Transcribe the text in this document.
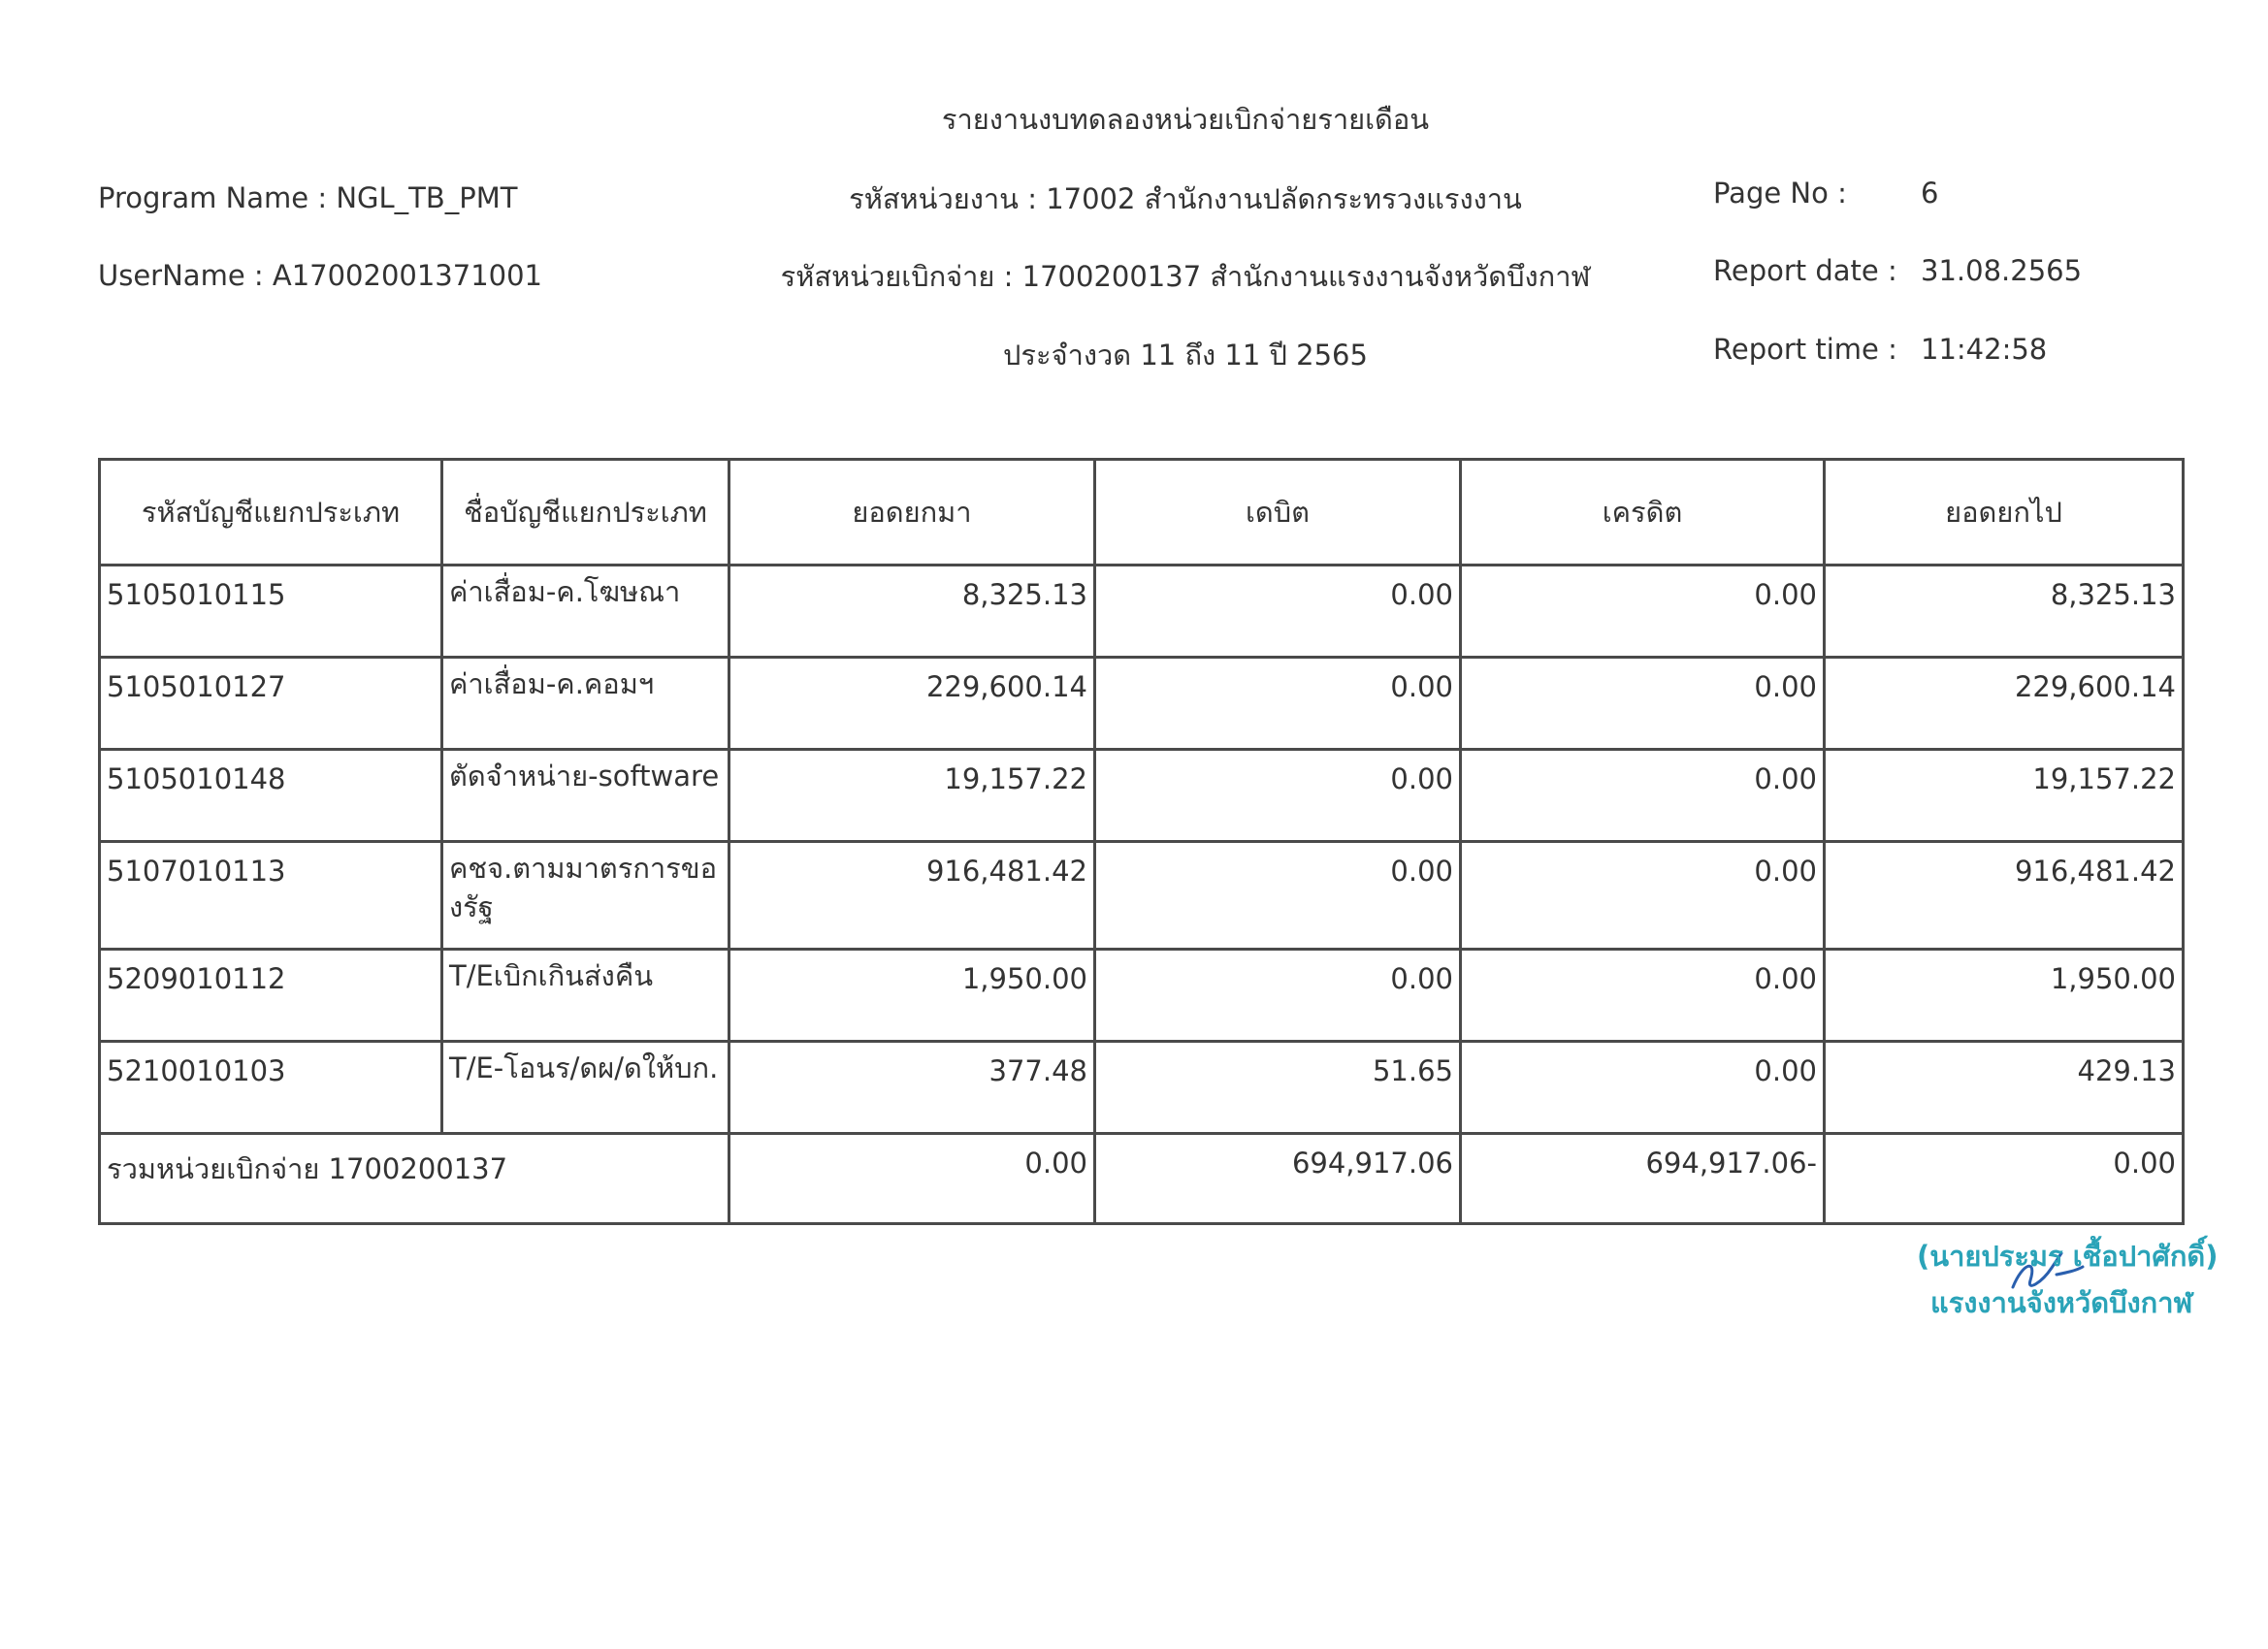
รายงานงบทดลองหน่วยเบิกจ่ายรายเดือน
Program Name : NGL_TB_PMT
UserName : A17002001371001
รหัสหน่วยงาน : 17002 สำนักงานปลัดกระทรวงแรงงาน
รหัสหน่วยเบิกจ่าย : 1700200137 สำนักงานแรงงานจังหวัดบึงกาฬ
ประจำงวด 11 ถึง 11 ปี 2565
Page No :	6
Report date : 31.08.2565
Report time : 11:42:58
รหัสบัญชีแยกประเภท	ชื่อบัญชีแยกประเภท	ยอดยกมา	เดบิต	เครดิต	ยอดยกไป
5105010115	ค่าเสื่อม-ค.โฆษณา	8,325.13	0.00	0.00	8,325.13
5105010127	ค่าเสื่อม-ค.คอมฯ	229,600.14	0.00	0.00	229,600.14
5105010148	ตัดจำหน่าย-software	19,157.22	0.00	0.00	19,157.22
5107010113	คชจ.ตามมาตรการของรัฐ	916,481.42	0.00	0.00	916,481.42
5209010112	T/Eเบิกเกินส่งคืน	1,950.00	0.00	0.00	1,950.00
5210010103	T/E-โอนร/ดผ/ดให้บก.	377.48	51.65	0.00	429.13
รวมหน่วยเบิกจ่าย 1700200137		0.00	694,917.06	694,917.06-	0.00
(นายประมร เชื้อปาศักดิ์)
แรงงานจังหวัดบึงกาฬ
